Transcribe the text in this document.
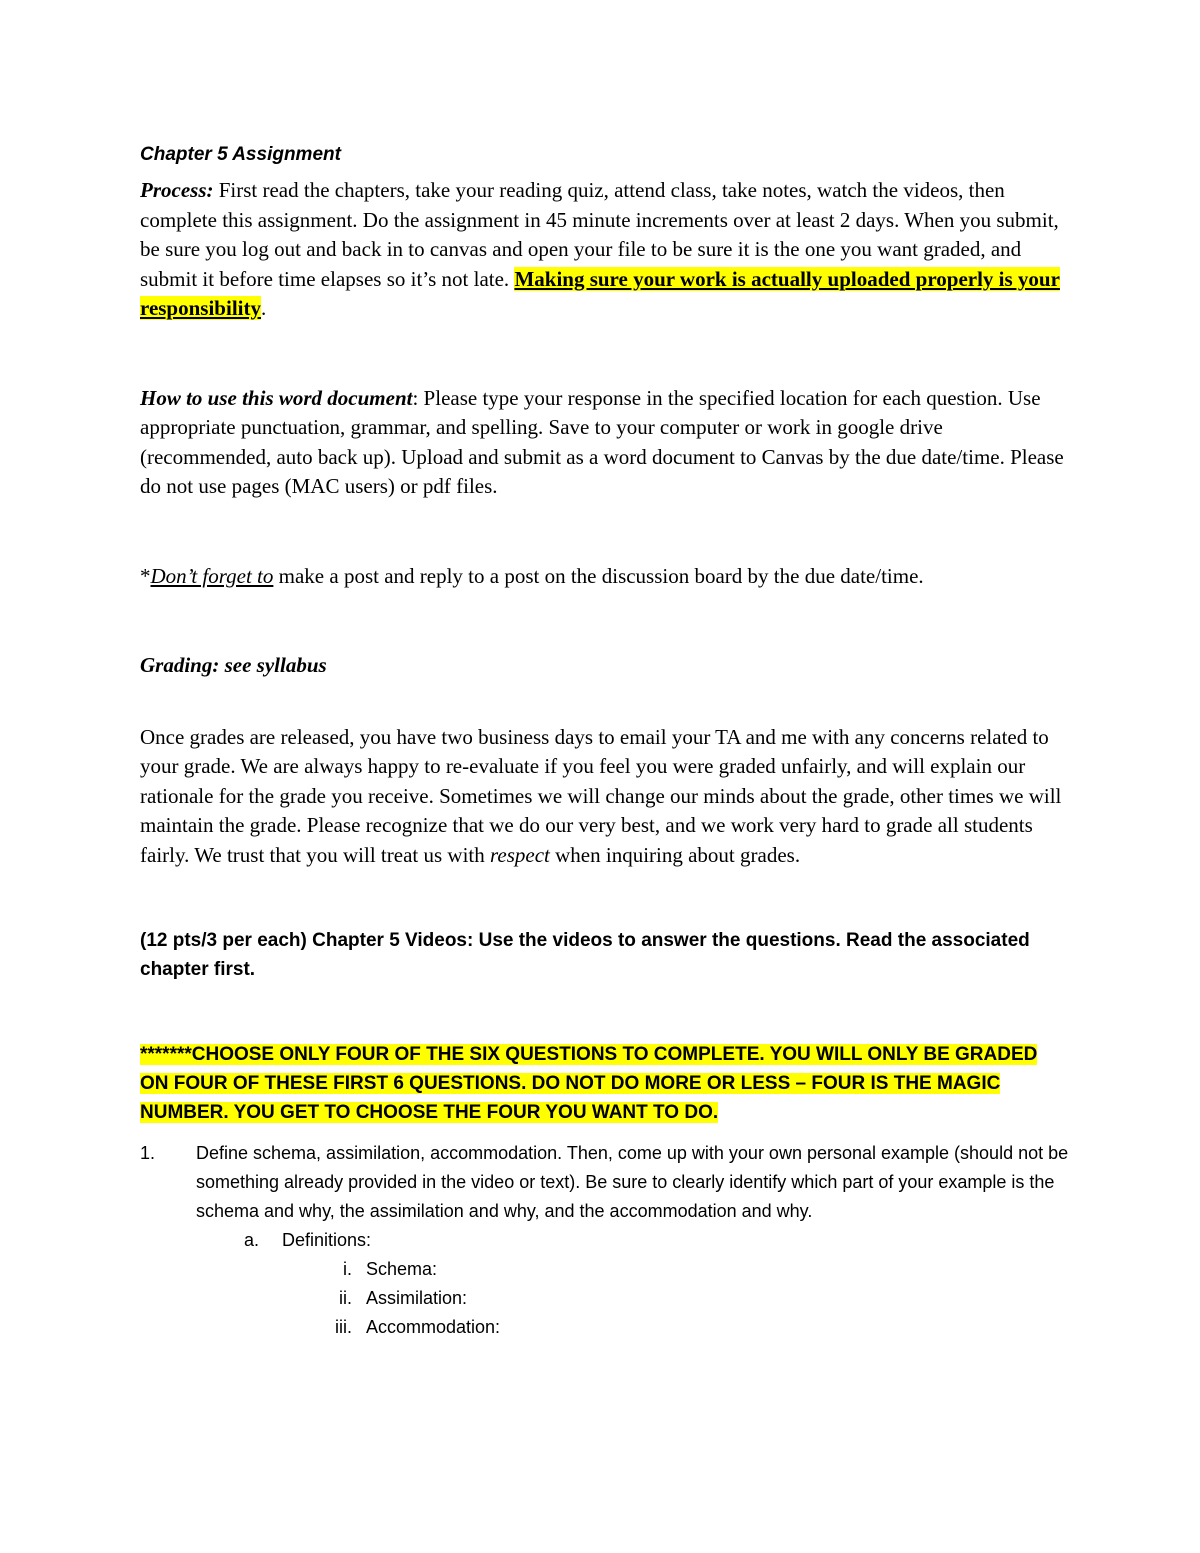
Chapter 5 Assignment

Process: First read the chapters, take your reading quiz, attend class, take notes, watch the videos, then complete this assignment. Do the assignment in 45 minute increments over at least 2 days. When you submit, be sure you log out and back in to canvas and open your file to be sure it is the one you want graded, and submit it before time elapses so it’s not late. Making sure your work is actually uploaded properly is your responsibility.

How to use this word document: Please type your response in the specified location for each question. Use appropriate punctuation, grammar, and spelling. Save to your computer or work in google drive (recommended, auto back up). Upload and submit as a word document to Canvas by the due date/time. Please do not use pages (MAC users) or pdf files.

*Don’t forget to make a post and reply to a post on the discussion board by the due date/time.

Grading: see syllabus

Once grades are released, you have two business days to email your TA and me with any concerns related to your grade. We are always happy to re-evaluate if you feel you were graded unfairly, and will explain our rationale for the grade you receive. Sometimes we will change our minds about the grade, other times we will maintain the grade. Please recognize that we do our very best, and we work very hard to grade all students fairly. We trust that you will treat us with respect when inquiring about grades.

(12 pts/3 per each) Chapter 5 Videos: Use the videos to answer the questions. Read the associated chapter first.

*******CHOOSE ONLY FOUR OF THE SIX QUESTIONS TO COMPLETE. YOU WILL ONLY BE GRADED ON FOUR OF THESE FIRST 6 QUESTIONS. DO NOT DO MORE OR LESS – FOUR IS THE MAGIC NUMBER. YOU GET TO CHOOSE THE FOUR YOU WANT TO DO.

1.	Define schema, assimilation, accommodation. Then, come up with your own personal example (should not be something already provided in the video or text). Be sure to clearly identify which part of your example is the schema and why, the assimilation and why, and the accommodation and why.
a.	Definitions:
i. Schema:
ii. Assimilation:
iii. Accommodation:
